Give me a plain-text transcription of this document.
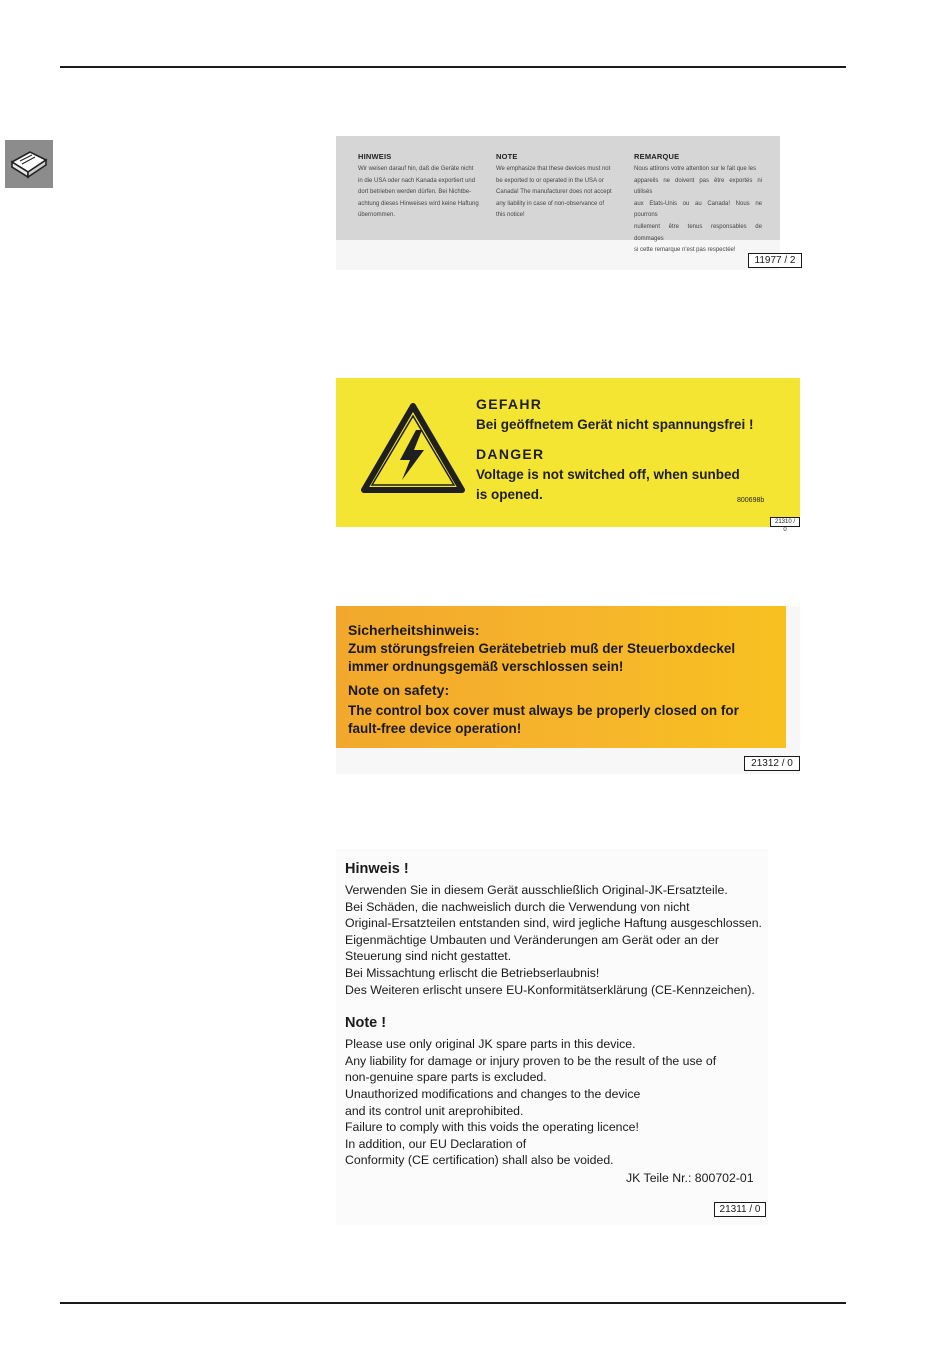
HINWEIS
Wir weisen darauf hin, daß die Geräte nicht
in die USA oder nach Kanada exportiert und
dort betrieben werden dürfen. Bei Nichtbe-
achtung dieses Hinweises wird keine Haftung
übernommen.
NOTE
We emphasize that these devices must not
be exported to or operated in the USA or
Canada! The manufacturer does not accept
any liability in case of non-observance of
this notice!
REMARQUE
Nous attirons votre attention sur le fait que les
appareils ne doivent pas être exportés ni utilisés
aux Etats-Unis ou au Canada! Nous ne pourrons
nullement être tenus responsables de dommages
si cette remarque n'est pas respectée!
11977 / 2
GEFAHR
Bei geöffnetem Gerät nicht spannungsfrei !
DANGER
Voltage is not switched off, when sunbed
is opened.	800698b
21310 / 0
Sicherheitshinweis:
Zum störungsfreien Gerätebetrieb muß der Steuerboxdeckel
immer ordnungsgemäß verschlossen sein!
Note on safety:
The control box cover must always be properly closed on for
fault-free device operation!
21312 / 0
Hinweis !
Verwenden Sie in diesem Gerät ausschließlich Original-JK-Ersatzteile.
Bei Schäden, die nachweislich durch die Verwendung von nicht
Original-Ersatzteilen entstanden sind, wird jegliche Haftung ausgeschlossen.
Eigenmächtige Umbauten und Veränderungen am Gerät oder an der
Steuerung sind nicht gestattet.
Bei Missachtung erlischt die Betriebserlaubnis!
Des Weiteren erlischt unsere EU-Konformitätserklärung (CE-Kennzeichen).
Note !
Please use only original JK spare parts in this device.
Any liability for damage or injury proven to be the result of the use of
non-genuine spare parts is excluded.
Unauthorized modifications and changes to the device
and its control unit areprohibited.
Failure to comply with this voids the operating licence!
In addition, our EU Declaration of
Conformity (CE certification) shall also be voided.
JK Teile Nr.: 800702-01
21311 / 0
